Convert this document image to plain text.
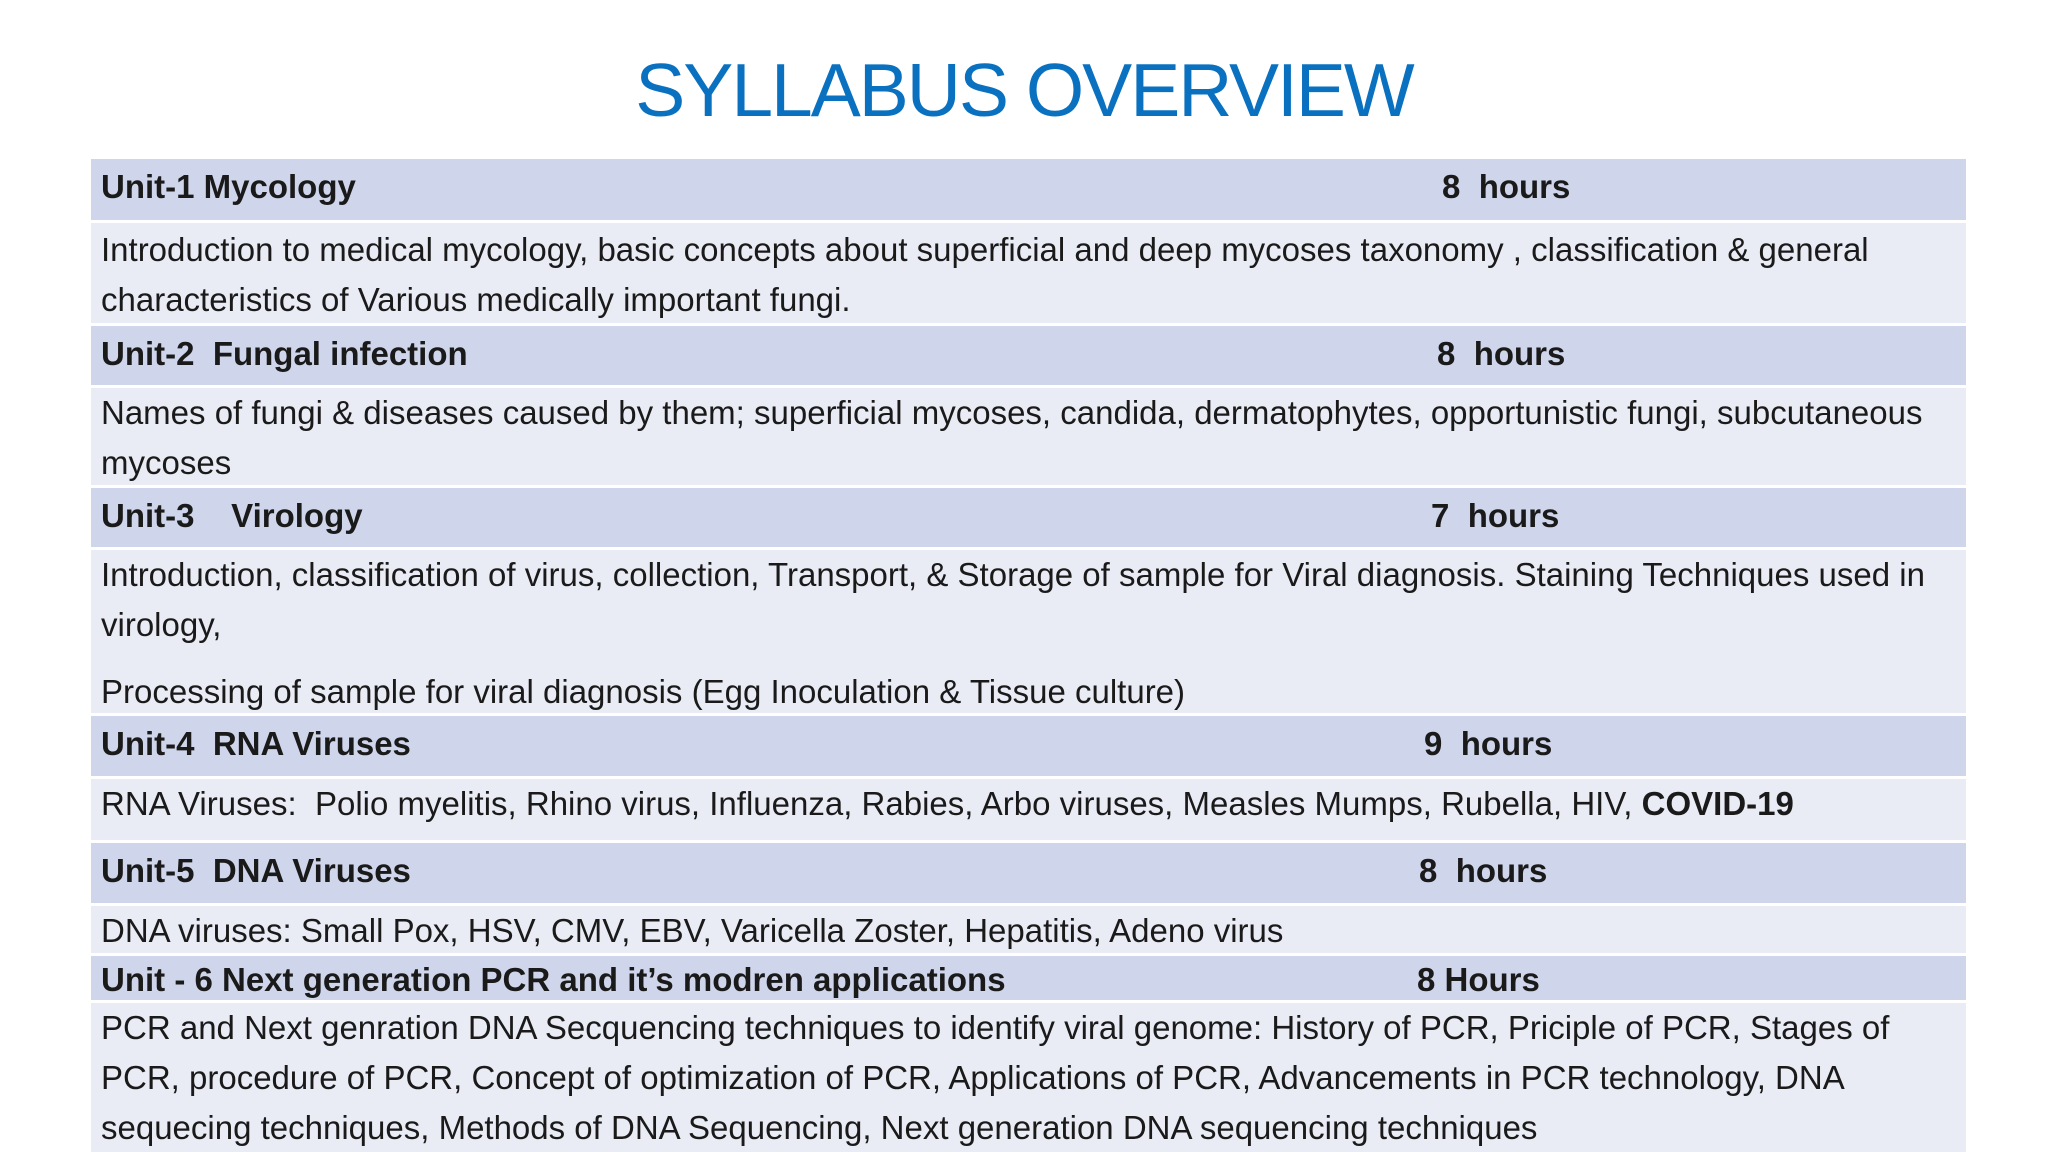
SYLLABUS OVERVIEW
Unit-1 Mycology	8  hours

Introduction to medical mycology, basic concepts about superficial and deep mycoses taxonomy , classification & general characteristics of Various medically important fungi.

Unit-2  Fungal infection	8  hours

Names of fungi & diseases caused by them; superficial mycoses, candida, dermatophytes, opportunistic fungi, subcutaneous mycoses

Unit-3    Virology	7  hours

Introduction, classification of virus, collection, Transport, & Storage of sample for Viral diagnosis. Staining Techniques used in virology,

Processing of sample for viral diagnosis (Egg Inoculation & Tissue culture)

Unit-4  RNA Viruses	9  hours

RNA Viruses:  Polio myelitis, Rhino virus, Influenza, Rabies, Arbo viruses, Measles Mumps, Rubella, HIV, COVID-19

Unit-5  DNA Viruses	8  hours

DNA viruses: Small Pox, HSV, CMV, EBV, Varicella Zoster, Hepatitis, Adeno virus

Unit - 6 Next generation PCR and it’s modren applications	8 Hours

PCR and Next genration DNA Secquencing techniques to identify viral genome: History of PCR, Priciple of PCR, Stages of PCR, procedure of PCR, Concept of optimization of PCR, Applications of PCR, Advancements in PCR technology, DNA sequecing techniques, Methods of DNA Sequencing, Next generation DNA sequencing techniques
